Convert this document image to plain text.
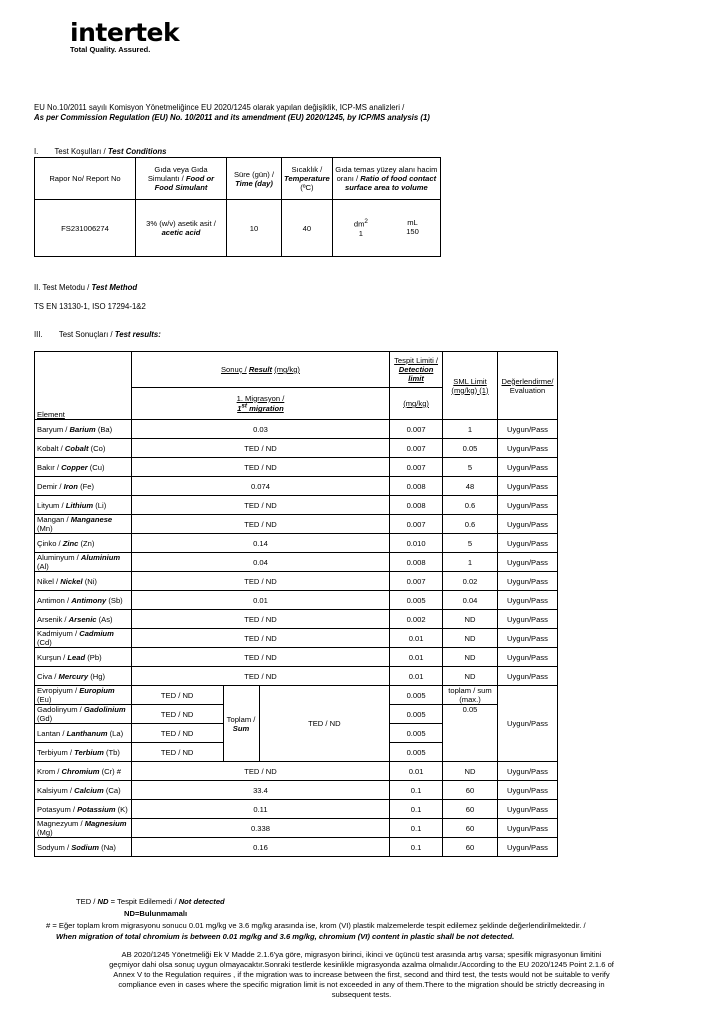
intertek
Total Quality. Assured.
EU No.10/2011 sayılı Komisyon Yönetmeliğince EU 2020/1245 olarak yapılan değişiklik, ICP-MS analizleri /
As per Commission Regulation (EU) No. 10/2011 and its amendment (EU) 2020/1245, by ICP/MS analysis (1)
I. Test Koşulları / Test Conditions
Rapor No/ Report No	Gıda veya Gıda Simulantı / Food or Food Simulant	Süre (gün) /
Time (day)	Sıcaklık /
Temperature (ºC)	Gıda temas yüzey alanı hacim oranı / Ratio of food contact surface area to volume
FS231006274	3% (w/v) asetik asit / acetic acid	10	40	$dm^2$
1
mL
150
II. Test Metodu / Test Method
TS EN 13130-1, ISO 17294-1&2
III. Test Sonuçları / Test results:
Element	Sonuç / Result (mg/kg)			Tespit Limiti /
Detection limit	SML Limit
(mg/kg) (1)	Değerlendirme/
Evaluation
	1. Migrasyon /
1st migration			(mg/kg)		
Baryum / Barium (Ba)	0.03			0.007	1	Uygun/Pass
Kobalt / Cobalt (Co)	TED / ND			0.007	0.05	Uygun/Pass
Bakır / Copper (Cu)	TED / ND			0.007	5	Uygun/Pass
Demir / Iron (Fe)	0.074			0.008	48	Uygun/Pass
Lityum / Lithium (Li)	TED / ND			0.008	0.6	Uygun/Pass
Mangan / Manganese (Mn)	TED / ND			0.007	0.6	Uygun/Pass
Çinko / Zinc (Zn)	0.14			0.010	5	Uygun/Pass
Aluminyum / Aluminium (Al)	0.04			0.008	1	Uygun/Pass
Nikel / Nickel (Ni)	TED / ND			0.007	0.02	Uygun/Pass
Antimon / Antimony (Sb)	0.01			0.005	0.04	Uygun/Pass
Arsenik / Arsenic (As)	TED / ND			0.002	ND	Uygun/Pass
Kadmiyum / Cadmium (Cd)	TED / ND			0.01	ND	Uygun/Pass
Kurşun / Lead (Pb)	TED / ND			0.01	ND	Uygun/Pass
Civa / Mercury (Hg)	TED / ND			0.01	ND	Uygun/Pass
Evropiyum / Europium (Eu)	TED / ND	Toplam / Sum	TED / ND	0.005	toplam / sum
(max.)	Uygun/Pass
Gadolinyum / Gadolinium (Gd)	TED / ND			0.005	0.05	
Lantan / Lanthanum (La)	TED / ND			0.005		
Terbiyum / Terbium (Tb)	TED / ND			0.005		
Krom / Chromium (Cr) #	TED / ND			0.01	ND	Uygun/Pass
Kalsiyum / Calcium (Ca)	33.4			0.1	60	Uygun/Pass
Potasyum / Potassium (K)	0.11			0.1	60	Uygun/Pass
Magnezyum / Magnesium (Mg)	0.338			0.1	60	Uygun/Pass
Sodyum / Sodium (Na)	0.16			0.1	60	Uygun/Pass
TED / ND = Tespit Edilemedi / Not detected
ND=Bulunmamalı
# = Eğer toplam krom migrasyonu sonucu 0.01 mg/kg ve 3.6 mg/kg arasında ise, krom (VI) plastik malzemelerde tespit edilemez şeklinde değerlendirilmektedir. /
When migration of total chromium is between 0.01 mg/kg and 3.6 mg/kg, chromium (VI) content in plastic shall be not detected.
AB 2020/1245 Yönetmeliği Ek V Madde 2.1.6'ya göre, migrasyon birinci, ikinci ve üçüncü test arasında artış varsa; spesifik migrasyonun limitini
geçmiyor dahi olsa sonuç uygun olmayacaktır.Sonraki testlerde kesinlikle migrasyonda azalma olmalıdır./According to the EU 2020/1245 Point 2.1.6 of
Annex V to the Regulation requires , if the migration was to increase between the first, second and third test, the tests would not be suitable to verify
compliance even in cases where the specific migration limit is not exceeded in any of them.There to the migration should be strictly decreasing in
subsequent tests.
